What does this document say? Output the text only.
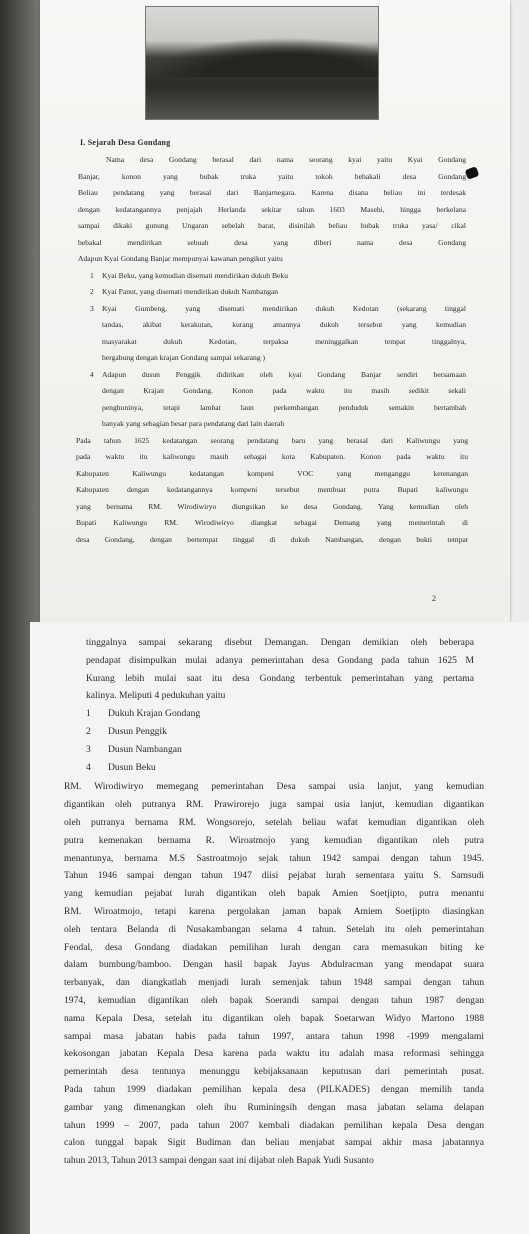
I. Sejarah Desa Gondang
Nama desa Gondang berasal dari nama seorang kyai yaitu Kyai Gondang
Banjar, konon yang bubak truka yaitu tokoh bebakali desa Gondang
Beliau pendatang yang berasal dari Banjarnegara. Karena disana beliau ini terdesak
dengan kedatangannya penjajah Herlanda sekitar tahun 1603 Masehi, hingga berkelana
sampai dikaki gunung Ungaran sebelah barat, disinilah beliau bubak truka yasa/ cikal
bebakal mendirikan sebuah desa yang diberi nama desa Gondang
Adapun Kyai Gondang Banjar mempunyai kawanan pengikut yaitu
1 Kyai Beku, yang kemudian disemati mendirikan dukuh Beku
2 Kyai Panut, yang disemati mendirikan dukuh Nambangan
3 Kyai Gumbeng, yang disemati mendirikan dukuh Kedotan (sekarang tinggal
tandas, akibat kerakutan, kurang amannya dukuh tersebut yang kemudian
masyarakat dukuh Kedotan, terpaksa meninggalkan tempat tinggalnya,
bergabung dengan krajan Gondang sampai sekarang )
4 Adapun dusun Penggik didirikan oleh kyai Gondang Banjar sendiri bersamaan
dengan Krajan Gondang. Konon pada waktu itu masih sedikit sekali
penghuninya, tetapi lambat laun perkembangan penduduk semakin bertambah
banyak yang sebagian besar para pendatang dari lain daerah
Pada tahun 1625 kedatangan seorang pendatang baru yang berasal dari Kaliwungu yang
pada waktu itu kaliwungu masih sebagai kota Kabupaten. Konon pada waktu itu
Kabupaten Kaliwungu kedatangan kompeni VOC yang menganggu ketenangan
Kabupaten dengan kedatangannya kompeni tersebut membuat putra Bupati kaliwungu
yang bernama RM. Wirodiwiryo diungsikan ke desa Gondang. Yang kemudian oleh
Bupati Kaliwungu RM. Wirodiwiryo diangkat sebagai Demang yang memerintah di
desa Gondang, dengan bertempat tinggal di dukuh Nambangan, dengan bukti tempat
2
tinggalnya sampai sekarang disebut Demangan. Dengan demikian oleh beberapa
pendapat disimpulkan mulai adanya pemerintahan desa Gondang pada tahun 1625 M
Kurang lebih mulai saat itu desa Gondang terbentuk pemerintahan yang pertama
kalinya. Meliputi 4 pedukuhan yaitu
1 Dukuh Krajan Gondang
2 Dusun Penggik
3 Dusun Nambangan
4 Dusun Beku
RM. Wirodiwiryo memegang pemerintahan Desa sampai usia lanjut, yang kemudian
digantikan oleh putranya RM. Prawirorejo juga sampai usia lanjut, kemudian digantikan
oleh putranya bernama RM. Wongsorejo, setelah beliau wafat kemudian digantikan oleh
putra kemenakan bernama R. Wiroatmojo yang kemudian digantikan oleh putra
menantunya, bernama M.S Sastroatmojo sejak tahun 1942 sampai dengan tahun 1945.
Tahun 1946 sampai dengan tahun 1947 diisi pejabat lurah sementara yaitu S. Samsudi
yang kemudian pejabat lurah digantikan oleh bapak Amien Soetjipto, putra menantu
RM. Wiroatmojo, tetapi karena pergolakan jaman bapak Amiem Soetjipto diasingkan
oleh tentara Belanda di Nusakambangan selama 4 tahun. Setelah itu oleh pemerintahan
Feodal, desa Gondang diadakan pemilihan lurah dengan cara memasukan biting ke
dalam bumbung/bamboo. Dengan hasil bapak Jayus Abdulracman yang mendapat suara
terbanyak, dan diangkatlah menjadi lurah semenjak tahun 1948 sampai dengan tahun
1974, kemudian digantikan oleh bapak Soerandi sampai dengan tahun 1987 dengan
nama Kepala Desa, setelah itu digantikan oleh bapak Soetarwan Widyo Martono 1988
sampai masa jabatan habis pada tahun 1997, antara tahun 1998 -1999 mengalami
kekosongan jabatan Kepala Desa karena pada waktu itu adalah masa reformasi sehingga
pemerintah desa tentunya menunggu kebijaksanaan keputusan dari pemerintah pusat.
Pada tahun 1999 diadakan pemilihan kepala desa (PILKADES) dengan memilih tanda
gambar yang dimenangkan oleh ibu Ruminingsih dengan masa jabatan selama delapan
tahun 1999 – 2007, pada tahun 2007 kembali diadakan pemilihan kepala Desa dengan
calon tunggal bapak Sigit Budiman dan beliau menjabat sampai akhir masa jabatannya
tahun 2013, Tahun 2013 sampai dengan saat ini dijabat oleh Bapak Yudi Susanto
